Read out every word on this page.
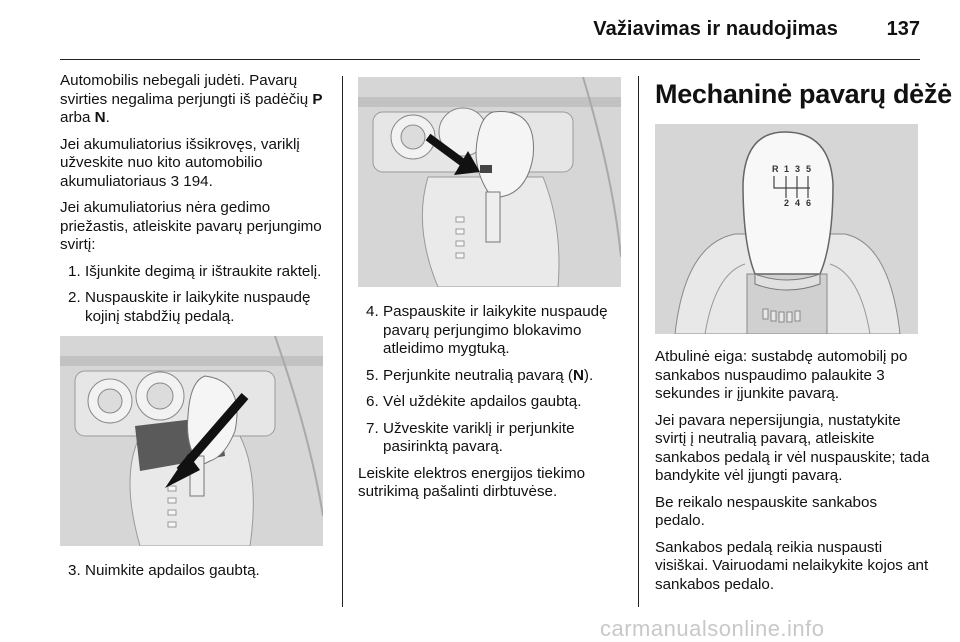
Važiavimas ir naudojimas 137

Automobilis nebegali judėti. Pavarų svirties negalima perjungti iš padėčių P arba N.

Jei akumuliatorius išsikrovęs, variklį užveskite nuo kito automobilio akumuliatoriaus 3 194.

Jei akumuliatorius nėra gedimo priežastis, atleiskite pavarų perjungimo svirtį:

1. Išjunkite degimą ir ištraukite raktelį.
2. Nuspauskite ir laikykite nuspaudę kojinį stabdžių pedalą.
3. Nuimkite apdailos gaubtą.
4. Paspauskite ir laikykite nuspaudę pavarų perjungimo blokavimo atleidimo mygtuką.
5. Perjunkite neutralią pavarą (N).
6. Vėl uždėkite apdailos gaubtą.
7. Užveskite variklį ir perjunkite pasirinktą pavarą.

Leiskite elektros energijos tiekimo sutrikimą pašalinti dirbtuvėse.

Mechaninė pavarų dėžė
R 1 3 5
2 4 6

Atbulinė eiga: sustabdę automobilį po sankabos nuspaudimo palaukite 3 sekundes ir įjunkite pavarą.

Jei pavara nepersijungia, nustatykite svirtį į neutralią pavarą, atleiskite sankabos pedalą ir vėl nuspauskite; tada bandykite vėl įjungti pavarą.

Be reikalo nespauskite sankabos pedalo.

Sankabos pedalą reikia nuspausti visiškai. Vairuodami nelaikykite kojos ant sankabos pedalo.

carmanualsonline.info
